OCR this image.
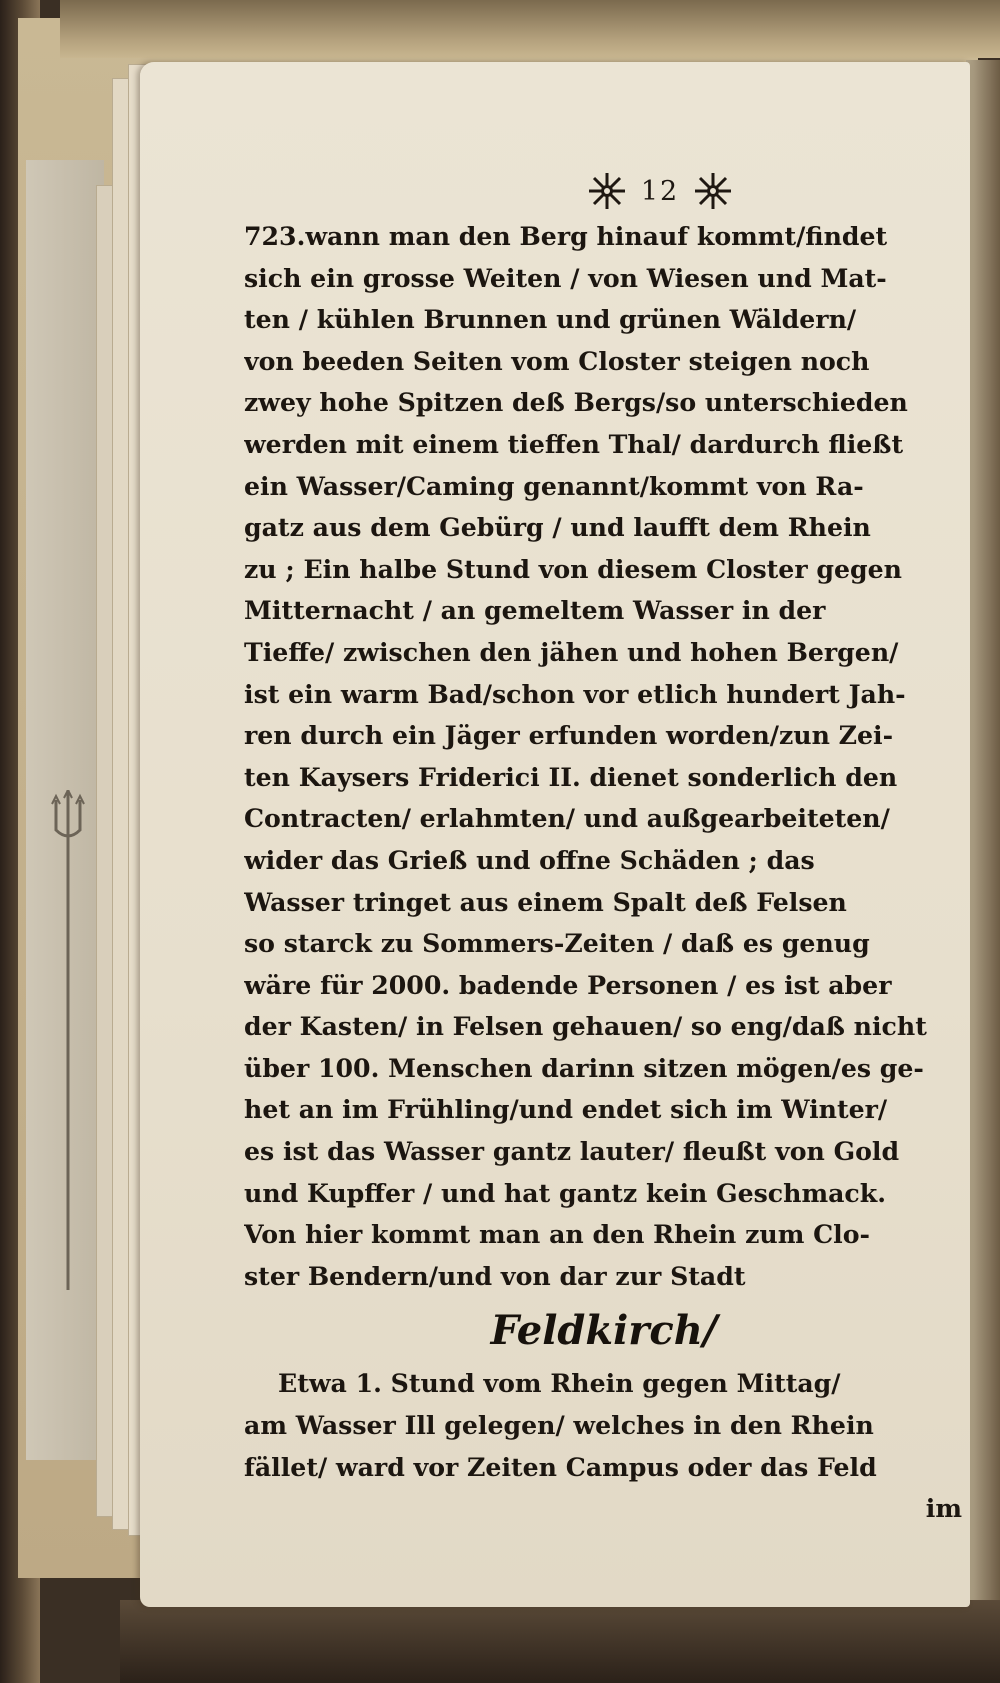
12
723.wann man den Berg hinauf kommt/findet
sich ein grosse Weiten / von Wiesen und Mat-
ten / kühlen Brunnen und grünen Wäldern/
von beeden Seiten vom Closter steigen noch
zwey hohe Spitzen deß Bergs/so unterschieden
werden mit einem tieffen Thal/ dardurch fließt
ein Wasser/Caming genannt/kommt von Ra-
gatz aus dem Gebürg / und laufft dem Rhein
zu ; Ein halbe Stund von diesem Closter gegen
Mitternacht / an gemeltem Wasser in der
Tieffe/ zwischen den jähen und hohen Bergen/
ist ein warm Bad/schon vor etlich hundert Jah-
ren durch ein Jäger erfunden worden/zun Zei-
ten Kaysers Friderici II. dienet sonderlich den
Contracten/ erlahmten/ und außgearbeiteten/
wider das Grieß und offne Schäden ; das
Wasser tringet aus einem Spalt deß Felsen
so starck zu Sommers-Zeiten / daß es genug
wäre für 2000. badende Personen / es ist aber
der Kasten/ in Felsen gehauen/ so eng/daß nicht
über 100. Menschen darinn sitzen mögen/es ge-
het an im Frühling/und endet sich im Winter/
es ist das Wasser gantz lauter/ fleußt von Gold
und Kupffer / und hat gantz kein Geschmack.
Von hier kommt man an den Rhein zum Clo-
ster Bendern/und von dar zur Stadt
Feldkirch/
Etwa 1. Stund vom Rhein gegen Mittag/
am Wasser Ill gelegen/ welches in den Rhein
fället/ ward vor Zeiten Campus oder das Feld
im
